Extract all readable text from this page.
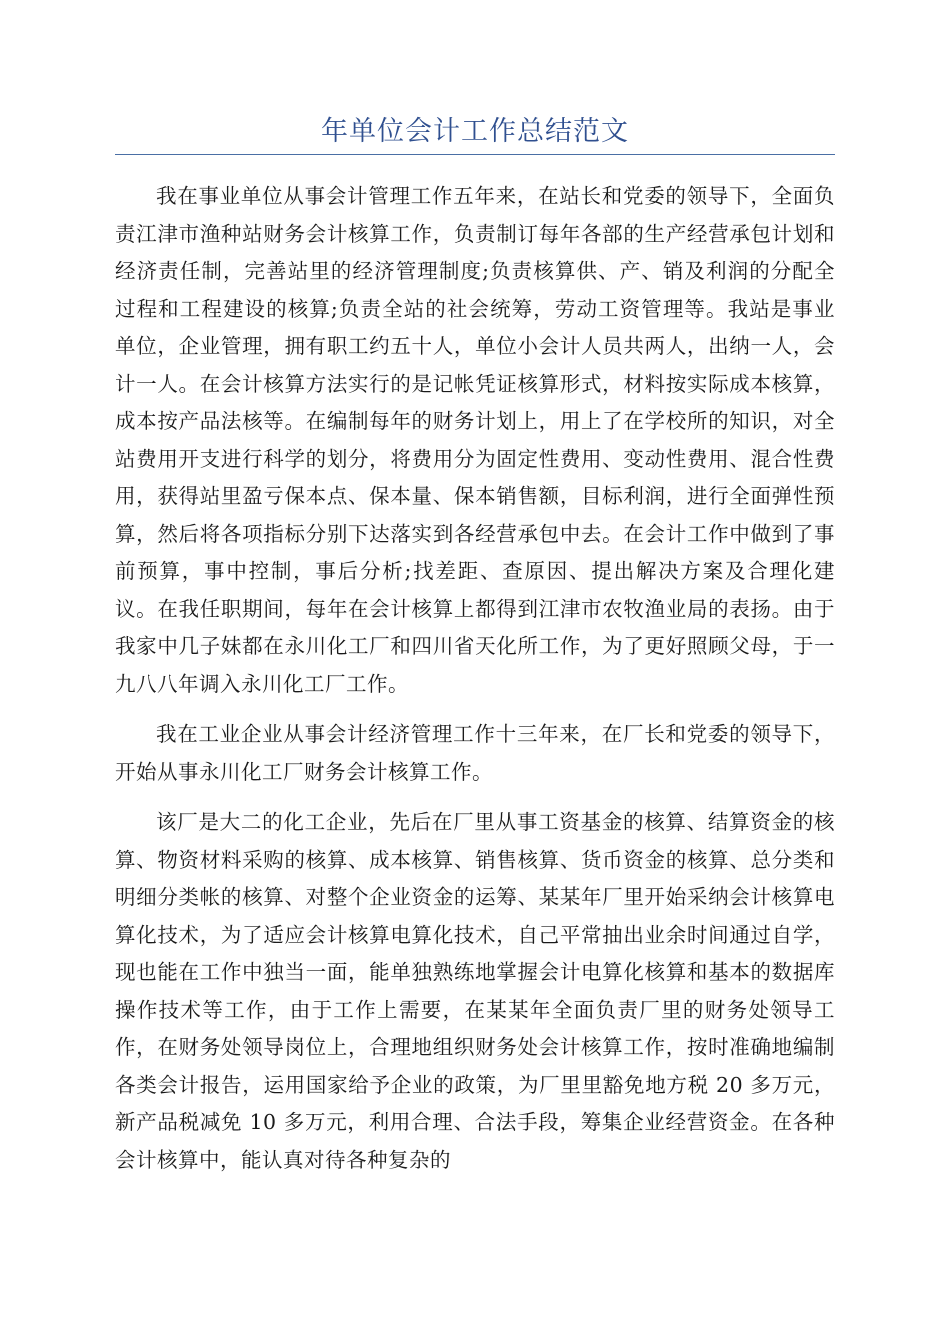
年单位会计工作总结范文

我在事业单位从事会计管理工作五年来，在站长和党委的领导下，全面负责江津市渔种站财务会计核算工作，负责制订每年各部的生产经营承包计划和经济责任制，完善站里的经济管理制度;负责核算供、产、销及利润的分配全过程和工程建设的核算;负责全站的社会统筹，劳动工资管理等。我站是事业单位，企业管理，拥有职工约五十人，单位小会计人员共两人，出纳一人，会计一人。在会计核算方法实行的是记帐凭证核算形式，材料按实际成本核算，成本按产品法核等。在编制每年的财务计划上，用上了在学校所的知识，对全站费用开支进行科学的划分，将费用分为固定性费用、变动性费用、混合性费用，获得站里盈亏保本点、保本量、保本销售额，目标利润，进行全面弹性预算，然后将各项指标分别下达落实到各经营承包中去。在会计工作中做到了事前预算，事中控制，事后分析;找差距、查原因、提出解决方案及合理化建议。在我任职期间，每年在会计核算上都得到江津市农牧渔业局的表扬。由于我家中几子妹都在永川化工厂和四川省天化所工作，为了更好照顾父母，于一九八八年调入永川化工厂工作。

我在工业企业从事会计经济管理工作十三年来，在厂长和党委的领导下，开始从事永川化工厂财务会计核算工作。

该厂是大二的化工企业，先后在厂里从事工资基金的核算、结算资金的核算、物资材料采购的核算、成本核算、销售核算、货币资金的核算、总分类和明细分类帐的核算、对整个企业资金的运筹、某某年厂里开始采纳会计核算电算化技术，为了适应会计核算电算化技术，自己平常抽出业余时间通过自学，现也能在工作中独当一面，能单独熟练地掌握会计电算化核算和基本的数据库操作技术等工作，由于工作上需要，在某某年全面负责厂里的财务处领导工作，在财务处领导岗位上，合理地组织财务处会计核算工作，按时准确地编制各类会计报告，运用国家给予企业的政策，为厂里里豁免地方税 20 多万元，新产品税减免 10 多万元，利用合理、合法手段，筹集企业经营资金。在各种会计核算中，能认真对待各种复杂的
